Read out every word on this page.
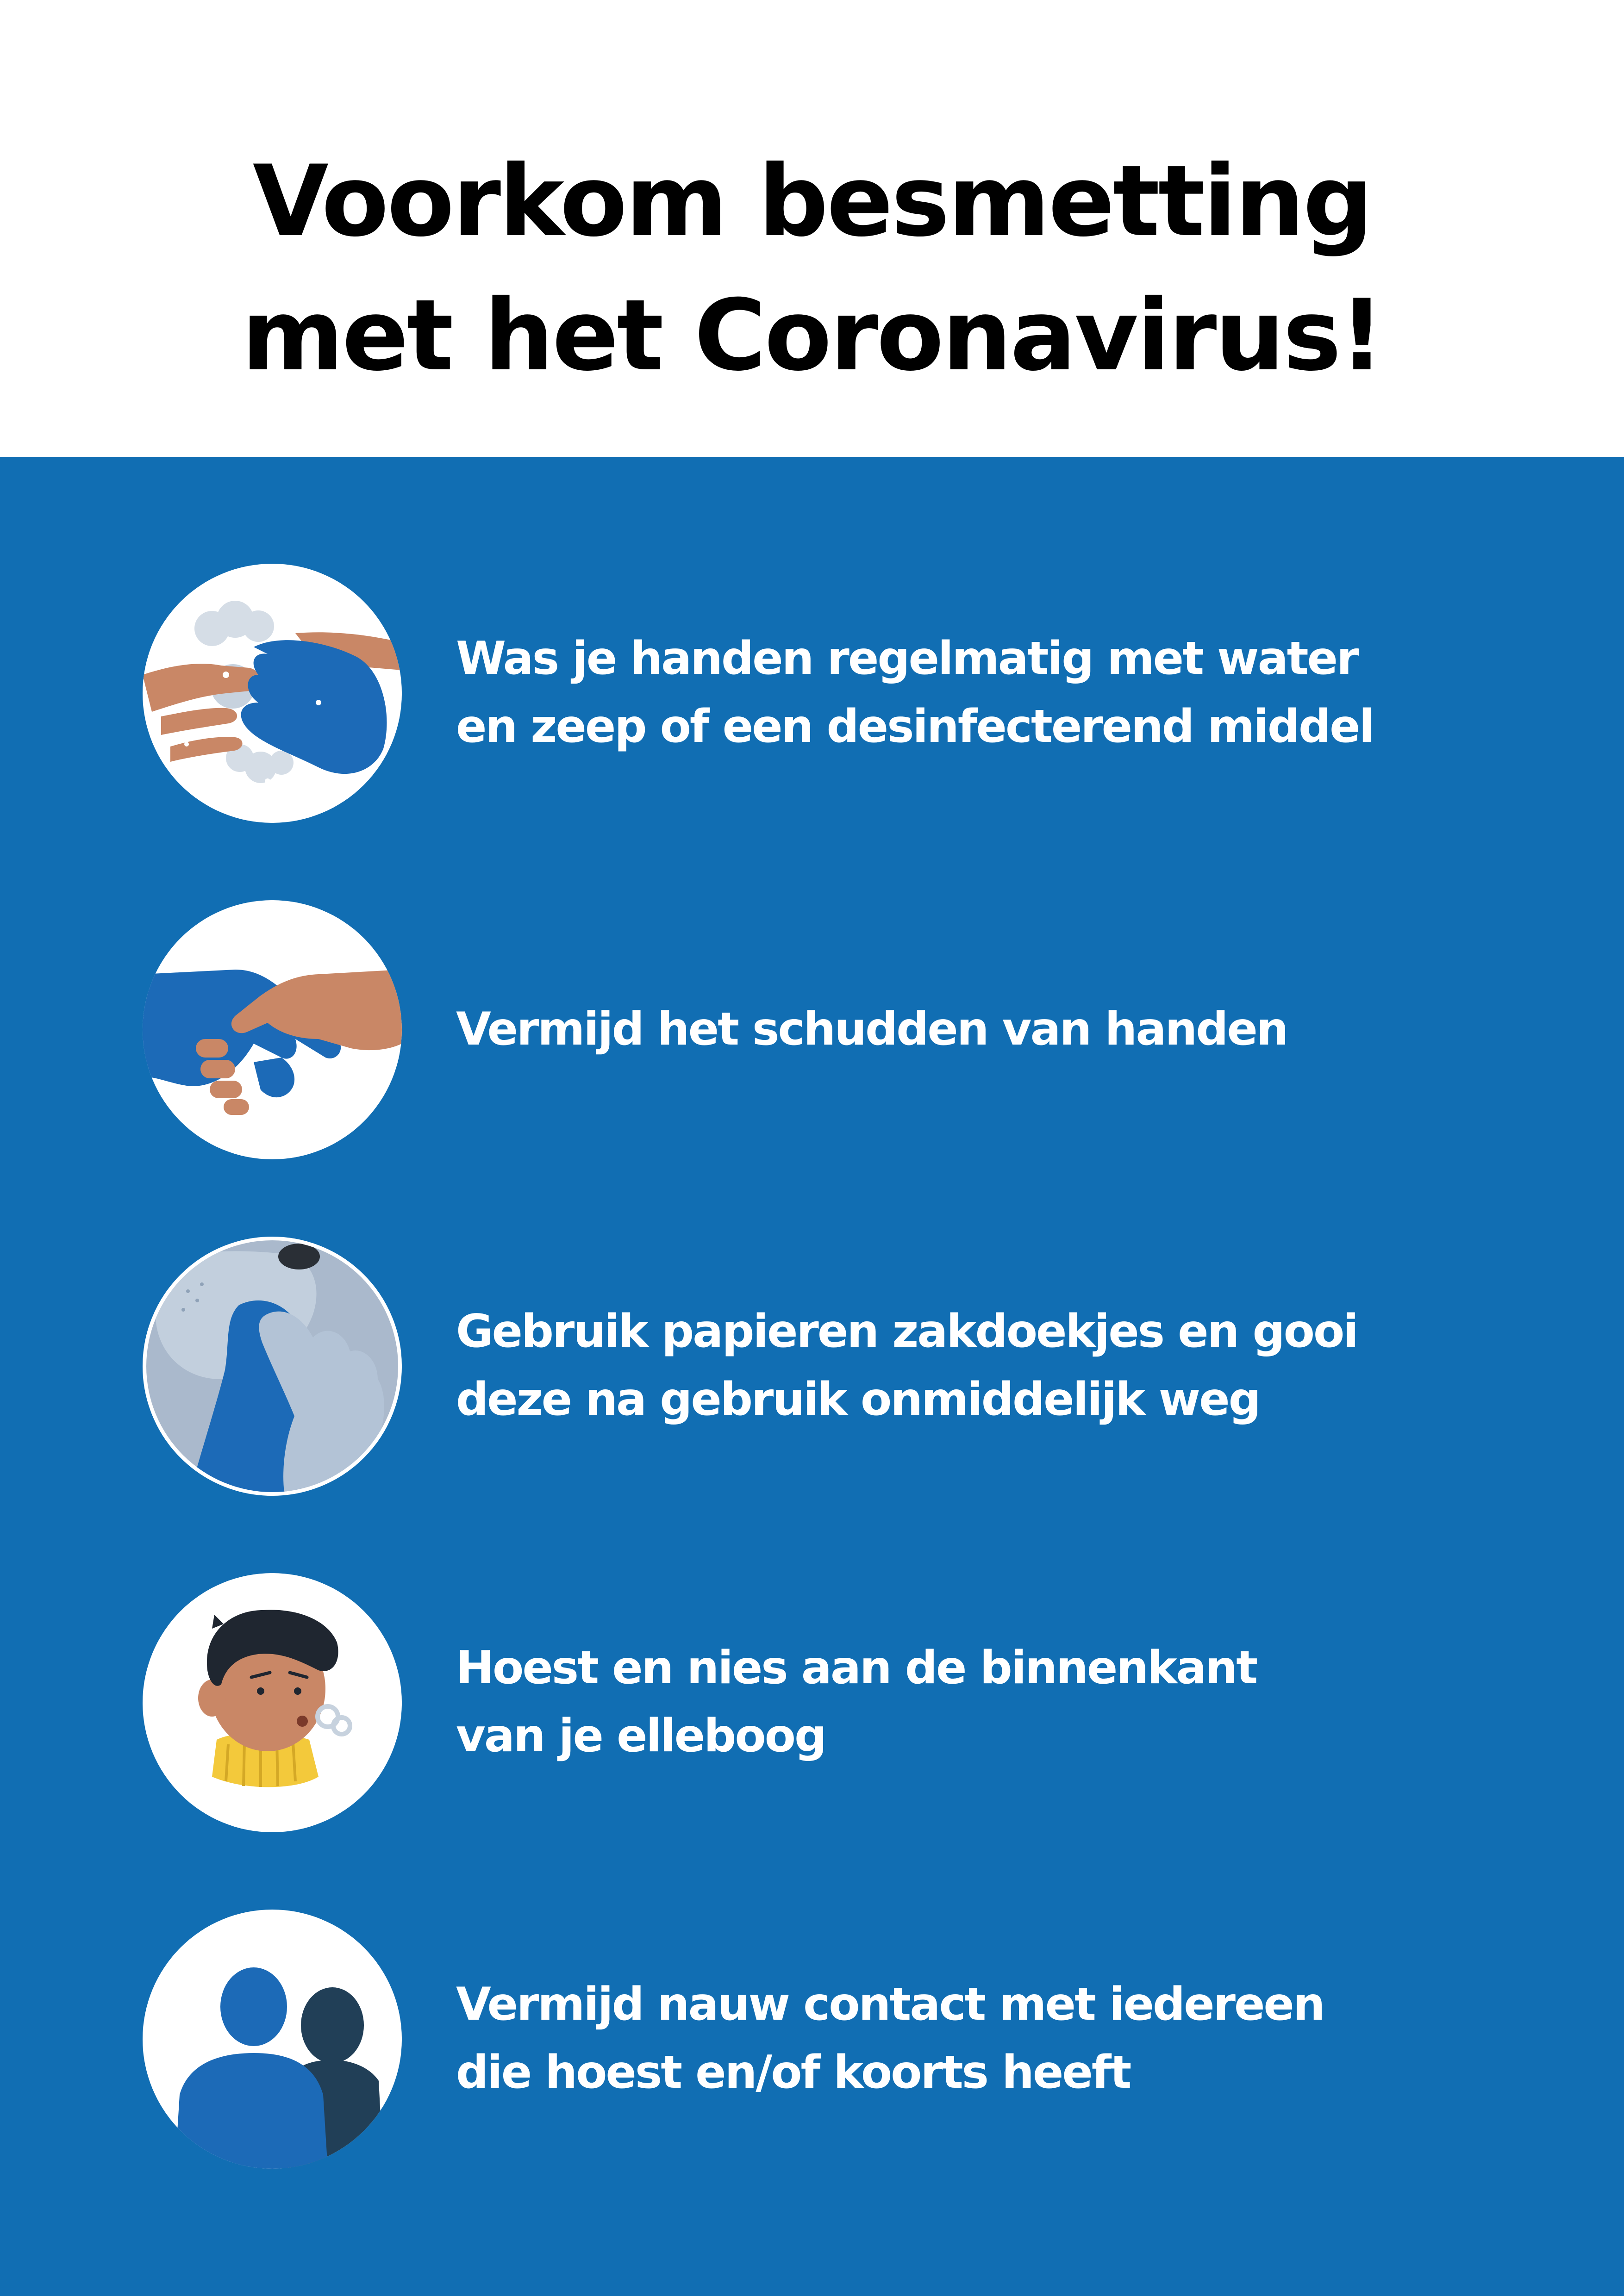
Voorkom besmetting
met het Coronavirus!
Was je handen regelmatig met water
en zeep of een desinfecterend middel
Vermijd het schudden van handen
Gebruik papieren zakdoekjes en gooi
deze na gebruik onmiddelijk weg
Hoest en nies aan de binnenkant
van je elleboog
Vermijd nauw contact met iedereen
die hoest en/of koorts heeft
